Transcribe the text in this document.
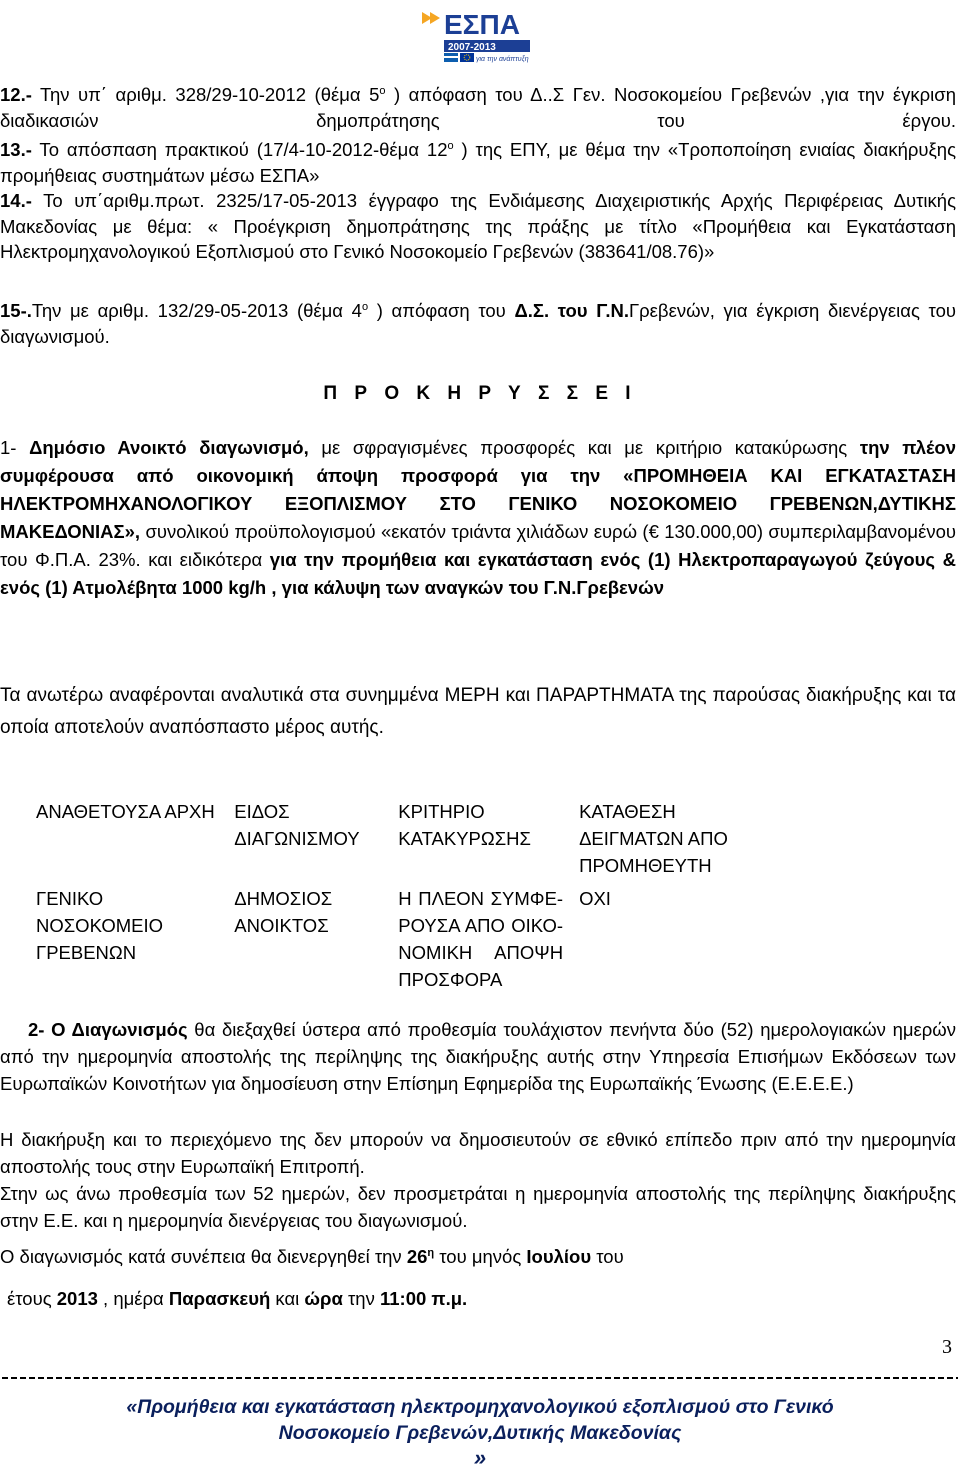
ΕΣΠΑ
2007-2013
για την ανάπτυξη

12.- Την υπ΄ αριθμ. 328/29-10-2012 (θέμα $5^o$ ) απόφαση του Δ..Σ Γεν. Νοσοκομείου Γρεβενών ,για την έγκριση διαδικασιών δημοπράτησης του έργου.

13.- Το απόσπαση πρακτικού (17/4-10-2012-θέμα $12^o$ ) της ΕΠΥ, με θέμα την «Τροποποίηση ενιαίας διακήρυξης προμήθειας συστημάτων μέσω ΕΣΠΑ»

14.- Το υπ΄αριθμ.πρωτ. 2325/17-05-2013 έγγραφο της Ενδιάμεσης Διαχειριστικής Αρχής Περιφέρειας Δυτικής Μακεδονίας με θέμα: « Προέγκριση δημοπράτησης της πράξης με τίτλο «Προμήθεια και Εγκατάσταση Ηλεκτρομηχανολογικού Εξοπλισμού στο Γενικό Νοσοκομείο Γρεβενών (383641/08.76)»

15-.Την με αριθμ. 132/29-05-2013 (θέμα $4^o$ ) απόφαση του Δ.Σ. του Γ.Ν.Γρεβενών, για έγκριση διενέργειας του διαγωνισμού.

Π Ρ Ο Κ Η Ρ Υ Σ Σ Ε Ι

1- Δημόσιο Ανοικτό διαγωνισμό, με σφραγισμένες προσφορές και με κριτήριο κατακύρωσης την πλέον συμφέρουσα από οικονομική άποψη προσφορά για την «ΠΡΟΜΗΘΕΙΑ ΚΑΙ ΕΓΚΑΤΑΣΤΑΣΗ ΗΛΕΚΤΡΟΜΗΧΑΝΟΛΟΓΙΚΟΥ ΕΞΟΠΛΙΣΜΟΥ ΣΤΟ ΓΕΝΙΚΟ ΝΟΣΟΚΟΜΕΙΟ ΓΡΕΒΕΝΩΝ,ΔΥΤΙΚΗΣ ΜΑΚΕΔΟΝΙΑΣ», συνολικού προϋπολογισμού «εκατόν τριάντα χιλιάδων ευρώ (€ 130.000,00) συμπεριλαμβανομένου του Φ.Π.Α. 23%. και ειδικότερα για την προμήθεια και εγκατάσταση ενός (1) Ηλεκτροπαραγωγού ζεύγους & ενός (1) Ατμολέβητα 1000 kg/h , για κάλυψη των αναγκών του Γ.Ν.Γρεβενών

Τα ανωτέρω αναφέρονται αναλυτικά στα συνημμένα ΜΕΡΗ και ΠΑΡΑΡΤΗΜΑΤΑ της παρούσας διακήρυξης και τα οποία αποτελούν αναπόσπαστο μέρος αυτής.

ΑΝΑΘΕΤΟΥΣΑ ΑΡΧΗ	ΕΙΔΟΣ ΔΙΑΓΩΝΙΣΜΟΥ	ΚΡΙΤΗΡΙΟ ΚΑΤΑΚΥΡΩΣΗΣ	ΚΑΤΑΘΕΣΗ ΔΕΙΓΜΑΤΩΝ ΑΠΟ ΠΡΟΜΗΘΕΥΤΗ
ΓΕΝΙΚΟ ΝΟΣΟΚΟΜΕΙΟ ΓΡΕΒΕΝΩΝ	ΔΗΜΟΣΙΟΣ ΑΝΟΙΚΤΟΣ	Η ΠΛΕΟΝ ΣΥΜΦΕ-ΡΟΥΣΑ ΑΠΟ ΟΙΚΟ-ΝΟΜΙΚΗ ΑΠΟΨΗ ΠΡΟΣΦΟΡΑ	ΟΧΙ

2- Ο Διαγωνισμός θα διεξαχθεί ύστερα από προθεσμία τουλάχιστον πενήντα δύο (52) ημερολογιακών ημερών από την ημερομηνία αποστολής της περίληψης της διακήρυξης αυτής στην Υπηρεσία Επισήμων Εκδόσεων των Ευρωπαϊκών Κοινοτήτων για δημοσίευση στην Επίσημη Εφημερίδα της Ευρωπαϊκής Ένωσης (Ε.Ε.Ε.Ε.)

Η διακήρυξη και το περιεχόμενο της δεν μπορούν να δημοσιευτούν σε εθνικό επίπεδο πριν από την ημερομηνία αποστολής τους στην Ευρωπαϊκή Επιτροπή.

Στην ως άνω προθεσμία των 52 ημερών, δεν προσμετράται η ημερομηνία αποστολής της περίληψης διακήρυξης στην Ε.Ε. και η ημερομηνία διενέργειας του διαγωνισμού.

Ο διαγωνισμός κατά συνέπεια θα διενεργηθεί την $26^\eta$ του μηνός Ιουλίου του

έτους 2013 , ημέρα Παρασκευή και ώρα την 11:00 π.μ.

3
«Προμήθεια και εγκατάσταση ηλεκτρομηχανολογικού εξοπλισμού στο Γενικό
Νοσοκομείο Γρεβενών,Δυτικής Μακεδονίας
»
